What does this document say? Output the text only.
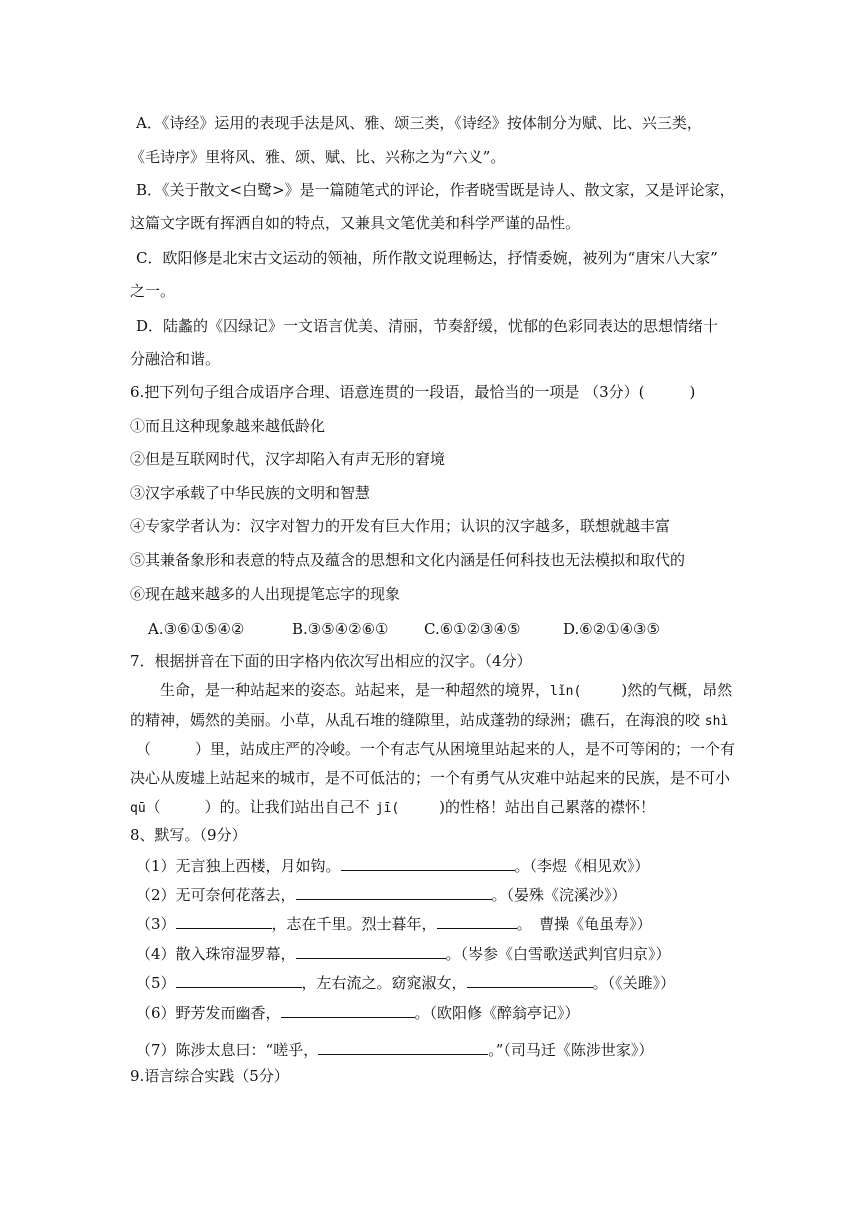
A．《诗经》运用的表现手法是风、雅、颂三类，《诗经》按体制分为赋、比、兴三类，
《毛诗序》里将风、雅、颂、赋、比、兴称之为“六义”。
B．《关于散文<白鹭>》是一篇随笔式的评论，作者晓雪既是诗人、散文家，又是评论家，
这篇文字既有挥洒自如的特点，又兼具文笔优美和科学严谨的品性。
C．欧阳修是北宋古文运动的领袖，所作散文说理畅达，抒情委婉，被列为“唐宋八大家”
之一。
D．陆蠡的《囚绿记》一文语言优美、清丽，节奏舒缓，忧郁的色彩同表达的思想情绪十
分融洽和谐。
6.把下列句子组合成语序合理、语意连贯的一段语，最恰当的一项是 （3分）(　　　)
①而且这种现象越来越低龄化
②但是互联网时代，汉字却陷入有声无形的窘境
③汉字承载了中华民族的文明和智慧
④专家学者认为：汉字对智力的开发有巨大作用；认识的汉字越多，联想就越丰富
⑤其兼备象形和表意的特点及蕴含的思想和文化内涵是任何科技也无法模拟和取代的
⑥现在越来越多的人出现提笔忘字的现象
A.③⑥①⑤④②	B.③⑤④②⑥① C.⑥①②③④⑤	D.⑥②①④③⑤
7．根据拼音在下面的田字格内依次写出相应的汉字。（4分）
生命，是一种站起来的姿态。站起来，是一种超然的境界，lǐn(	)然的气概，昂然
的精神，嫣然的美丽。小草，从乱石堆的缝隙里，站成蓬勃的绿洲；礁石，在海浪的咬 shì
（	）里，站成庄严的冷峻。一个有志气从困境里站起来的人，是不可等闲的；一个有
决心从废墟上站起来的城市，是不可低沽的；一个有勇气从灾难中站起来的民族，是不可小
qū（	）的。让我们站出自己不 jī(	)的性格！站出自己累落的襟怀！
8、默写。（9分）
（1）无言独上西楼，月如钩。	。（李煜《相见欢》）
（2）无可奈何花落去，	。（晏殊《浣溪沙》）
（3）	，志在千里。烈士暮年，	。　曹操《龟虽寿》）
（4）散入珠帘湿罗幕，	。（岑参《白雪歌送武判官归京》）
（5）	，左右流之。窈窕淑女，	。（《关雎》）
（6）野芳发而幽香，	。（欧阳修《醉翁亭记》）
（7）陈涉太息曰：“嗟乎，	。”（司马迁《陈涉世家》）
9.语言综合实践（5分）
